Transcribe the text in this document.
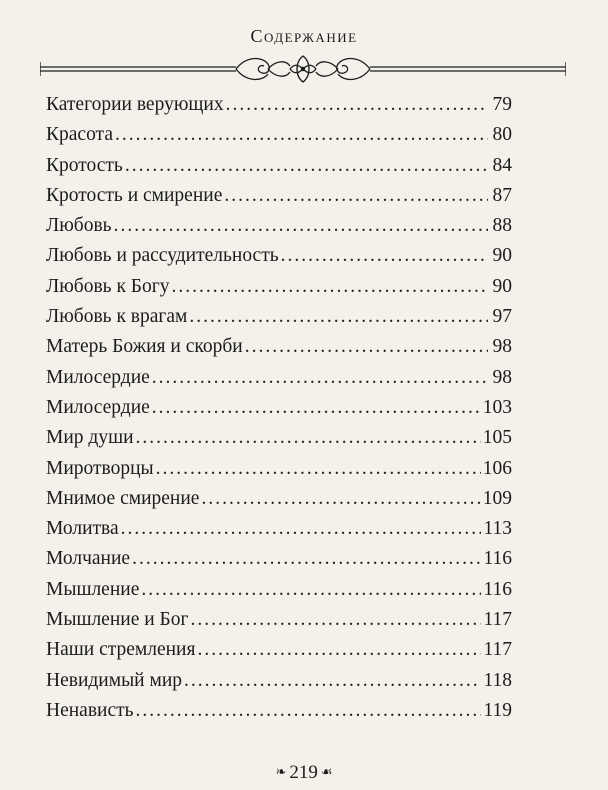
Содержание
Категории верующих .....	79
Красота .....	80
Кротость .....	84
Кротость и смирение .....	87
Любовь .....	88
Любовь и рассудительность .....	90
Любовь к Богу .....	90
Любовь к врагам .....	97
Матерь Божия и скорби .....	98
Милосердие .....	98
Милосердие .....	103
Мир души .....	105
Миротворцы .....	106
Мнимое смирение .....	109
Молитва .....	113
Молчание .....	116
Мышление .....	116
Мышление и Бог .....	117
Наши стремления .....	117
Невидимый мир .....	118
Ненависть .....	119
❧ 219 ☙
